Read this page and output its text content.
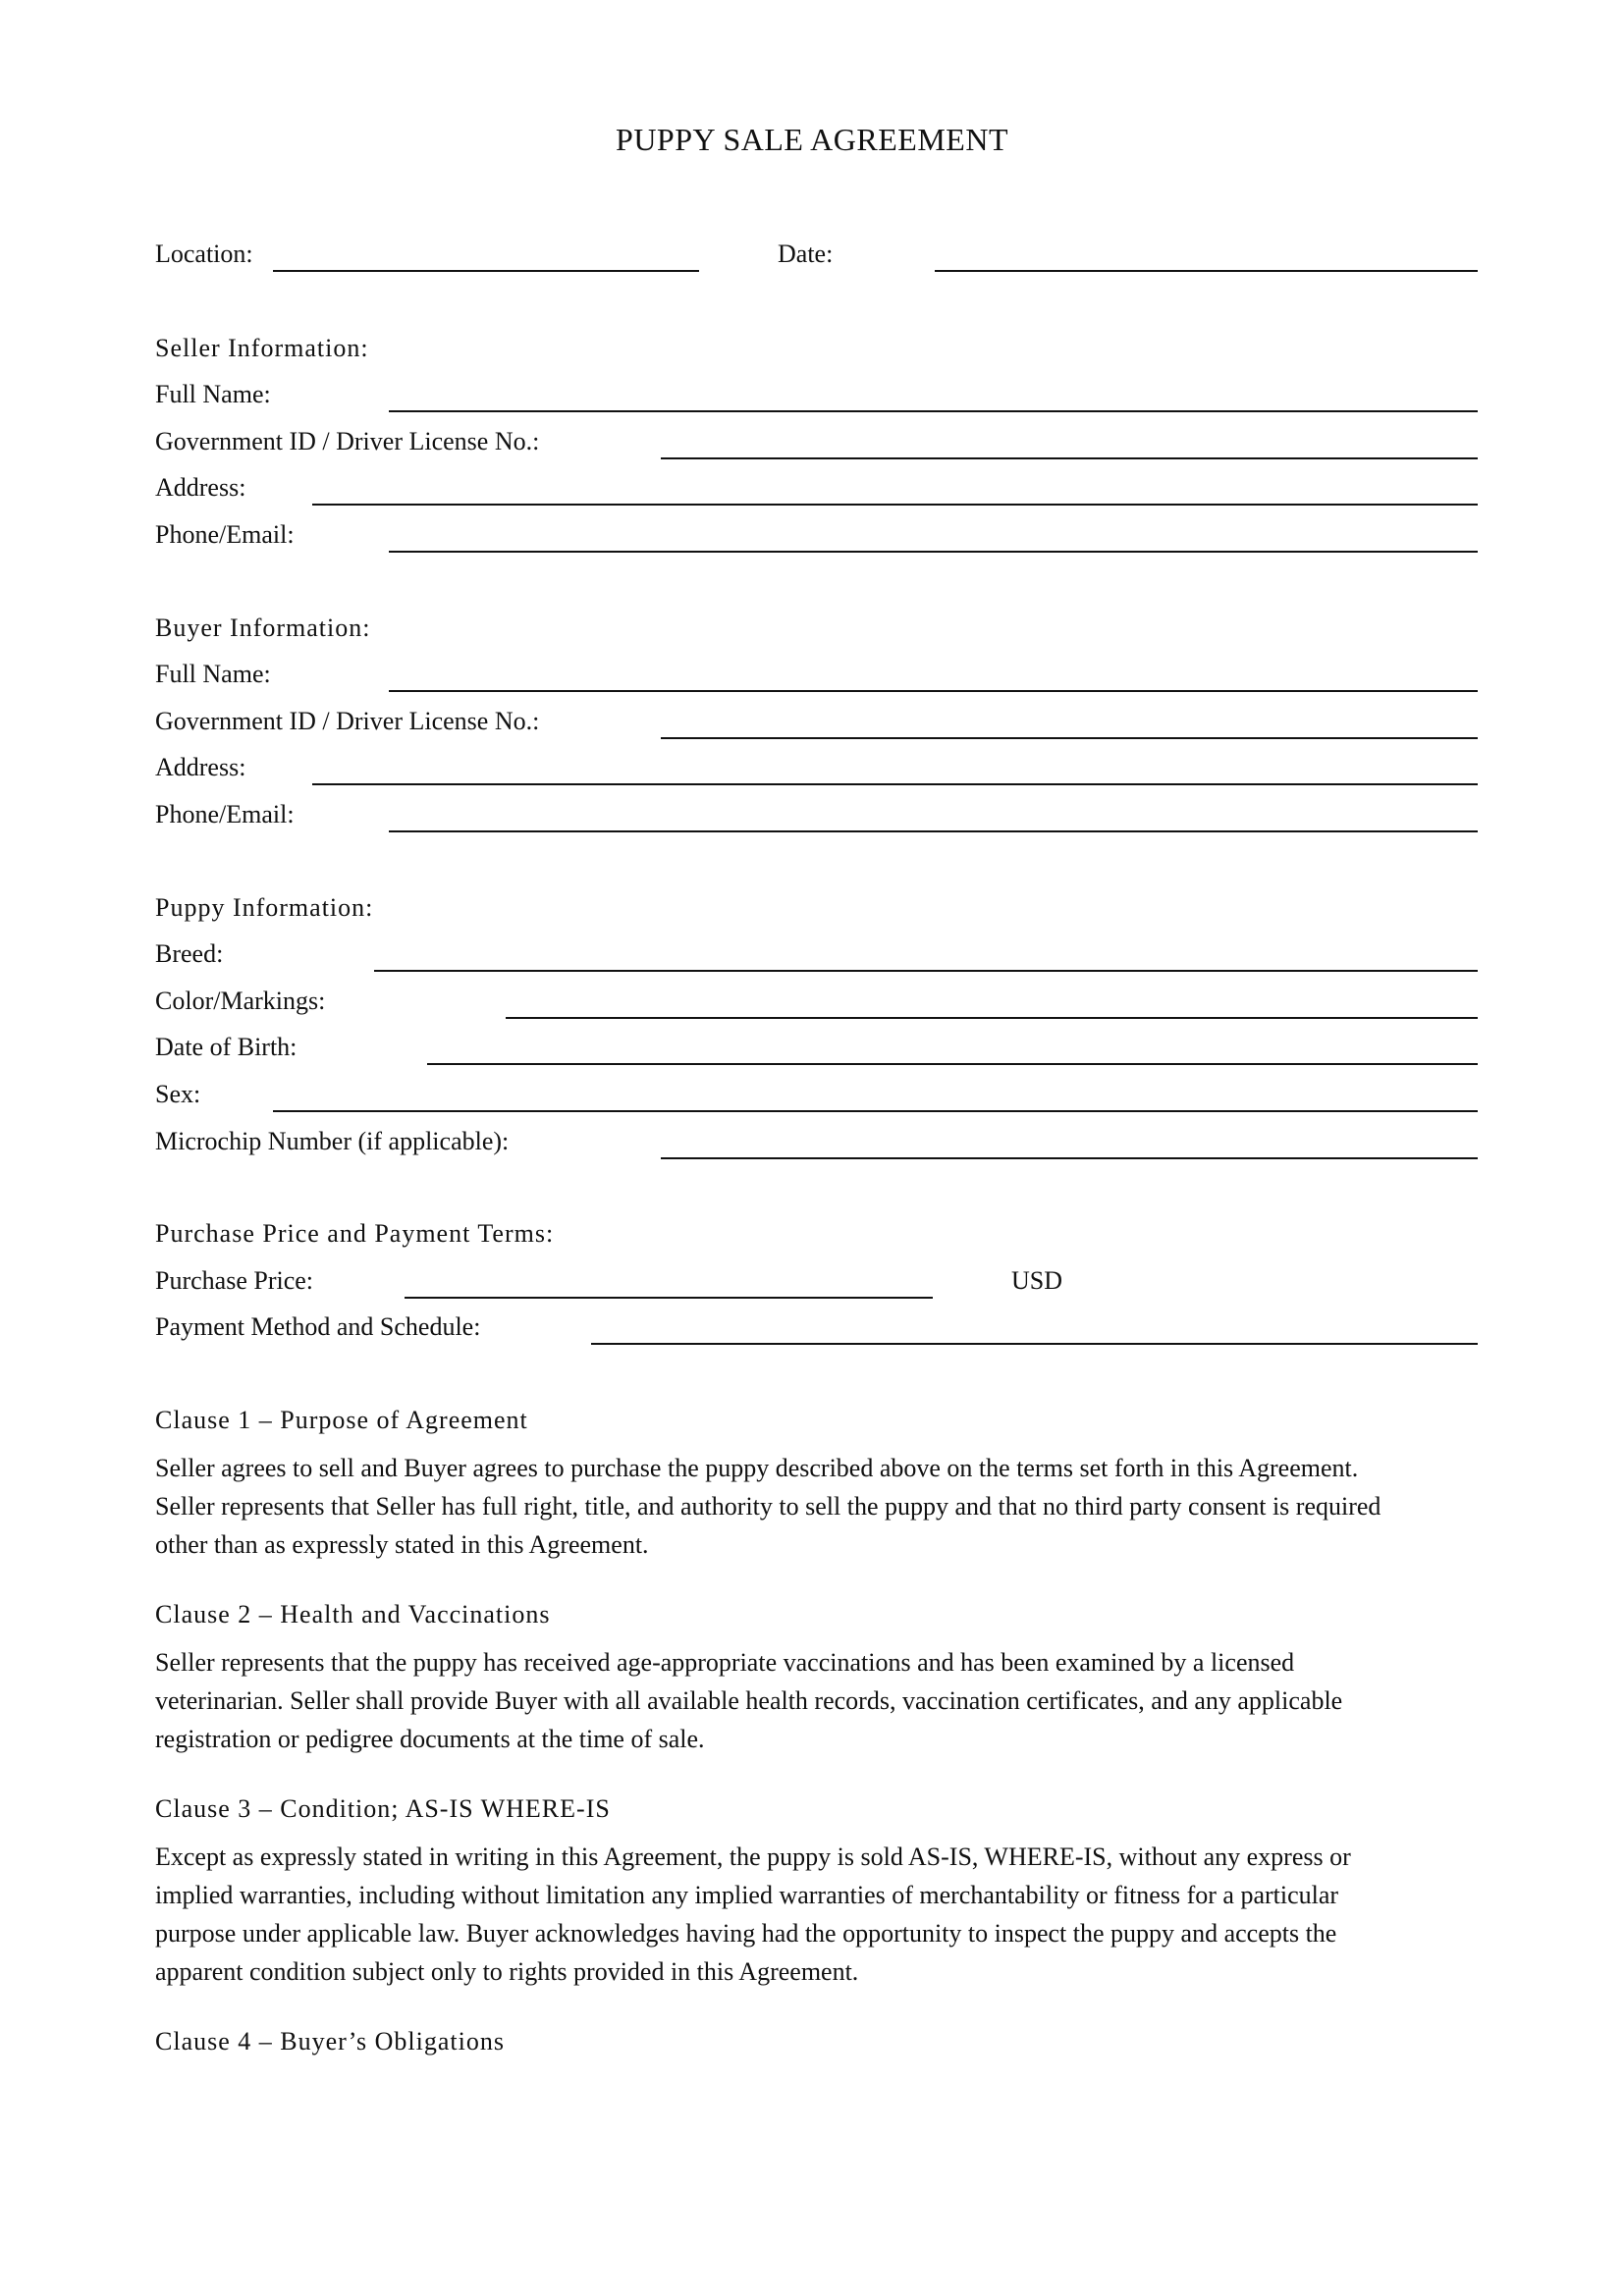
PUPPY SALE AGREEMENT
Location:	Date:
Seller Information:
Full Name:
Government ID / Driver License No.:
Address:
Phone/Email:
Buyer Information:
Full Name:
Government ID / Driver License No.:
Address:
Phone/Email:
Puppy Information:
Breed:
Color/Markings:
Date of Birth:
Sex:
Microchip Number (if applicable):
Purchase Price and Payment Terms:
Purchase Price:	USD
Payment Method and Schedule:
Clause 1 – Purpose of Agreement

Seller agrees to sell and Buyer agrees to purchase the puppy described above on the terms set forth in this Agreement.
Seller represents that Seller has full right, title, and authority to sell the puppy and that no third party consent is required
other than as expressly stated in this Agreement.

Clause 2 – Health and Vaccinations

Seller represents that the puppy has received age-appropriate vaccinations and has been examined by a licensed
veterinarian. Seller shall provide Buyer with all available health records, vaccination certificates, and any applicable
registration or pedigree documents at the time of sale.

Clause 3 – Condition; AS-IS WHERE-IS

Except as expressly stated in writing in this Agreement, the puppy is sold AS-IS, WHERE-IS, without any express or
implied warranties, including without limitation any implied warranties of merchantability or fitness for a particular
purpose under applicable law. Buyer acknowledges having had the opportunity to inspect the puppy and accepts the
apparent condition subject only to rights provided in this Agreement.

Clause 4 – Buyer’s Obligations
